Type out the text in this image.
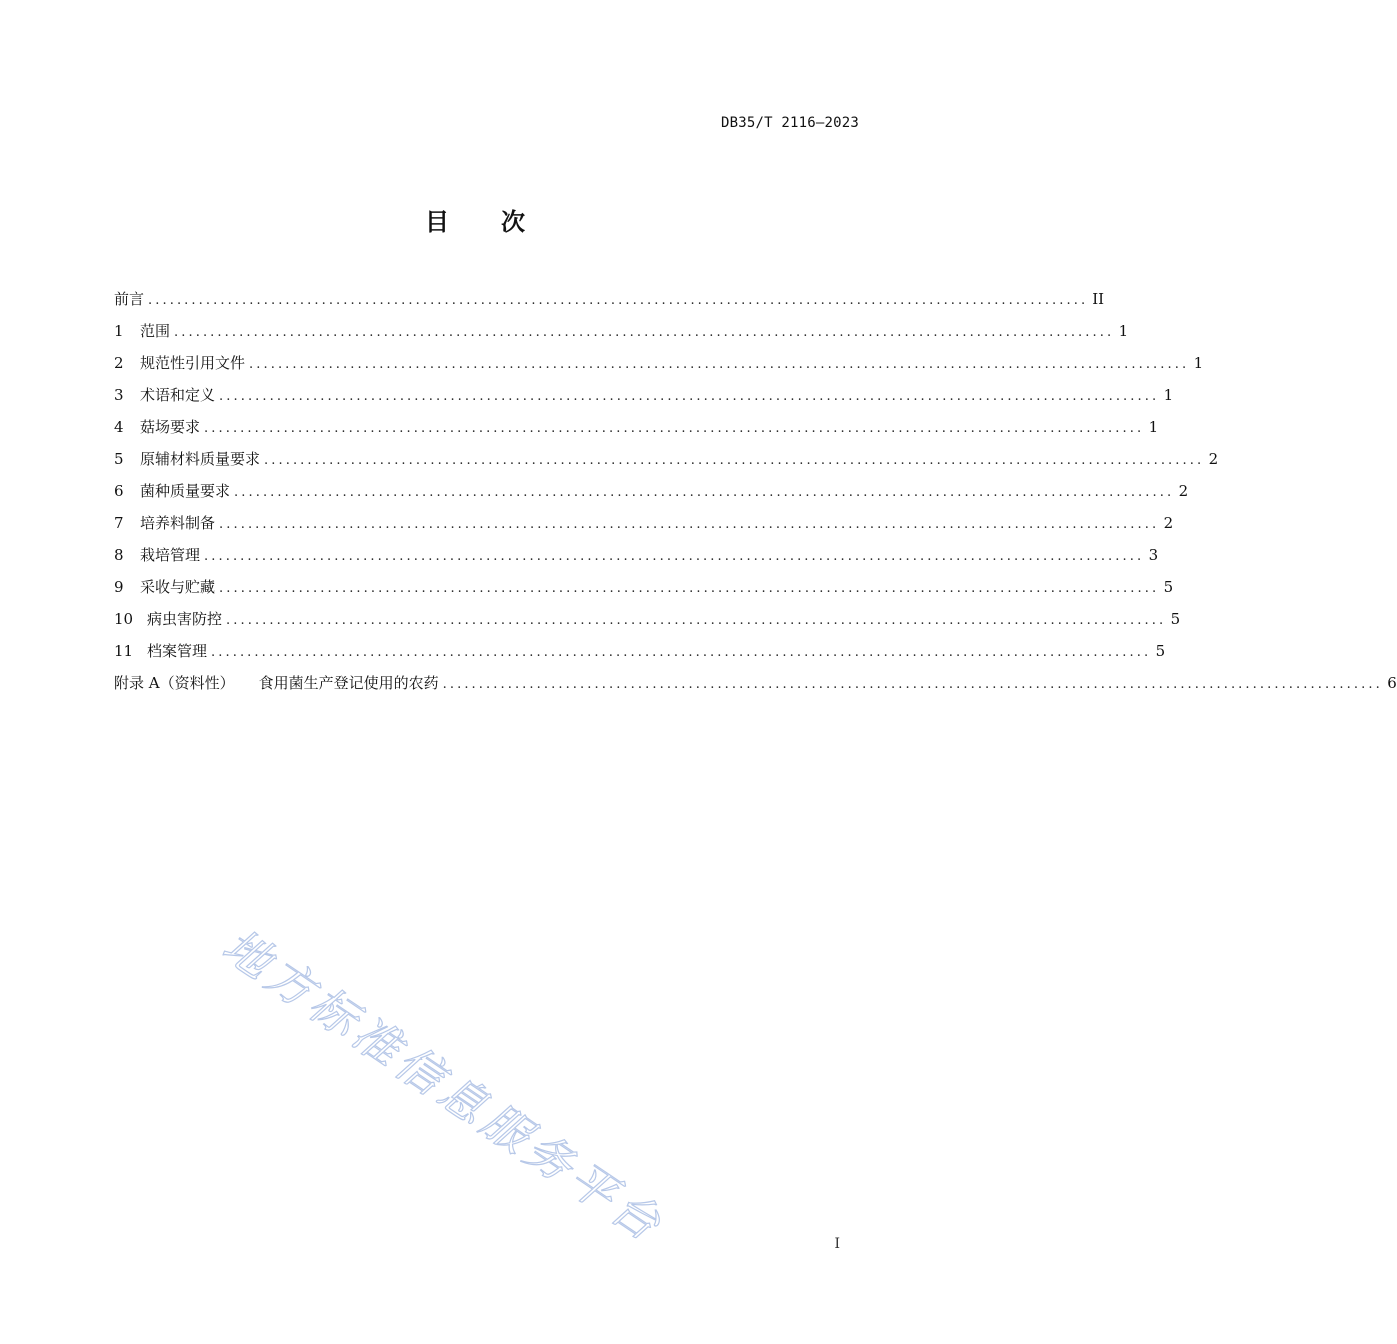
DB35/T 2116—2023
目 次
前言 .................................................................................................................................. II
1	范围 .................................................................................................................................. 1
2	规范性引用文件 .................................................................................................................................. 1
3	术语和定义 .................................................................................................................................. 1
4	菇场要求 .................................................................................................................................. 1
5	原辅材料质量要求 .................................................................................................................................. 2
6	菌种质量要求 .................................................................................................................................. 2
7	培养料制备 .................................................................................................................................. 2
8	栽培管理 .................................................................................................................................. 3
9	采收与贮藏 .................................................................................................................................. 5
10 病虫害防控 .................................................................................................................................. 5
11 档案管理 .................................................................................................................................. 5
附录 A（资料性） 食用菌生产登记使用的农药 .................................................................................................................................. 6
地方标准信息服务平台	I
